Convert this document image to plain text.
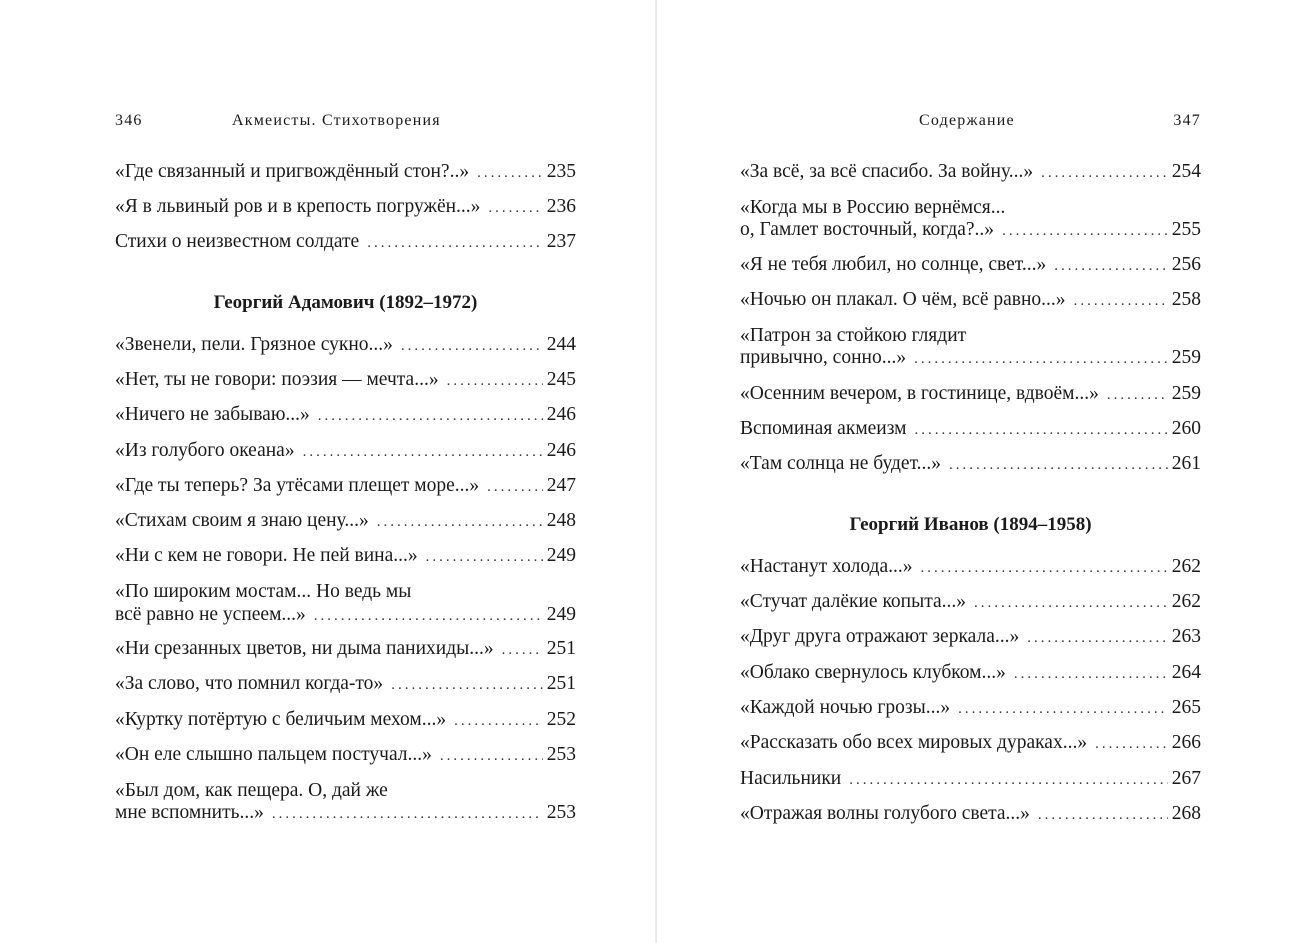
346	Акмеисты. Стихотворения
«Где связанный и пригвождённый стон?..» .....	235
«Я в львиный ров и в крепость погружён...» .....	236
Стихи о неизвестном солдате .....	237
Георгий Адамович (1892–1972)
«Звенели, пели. Грязное сукно...» .....	244
«Нет, ты не говори: поэзия — мечта...» .....	245
«Ничего не забываю...» .....	246
«Из голубого океана» .....	246
«Где ты теперь? За утёсами плещет море...» .....	247
«Стихам своим я знаю цену...» .....	248
«Ни с кем не говори. Не пей вина...» .....	249
«По широким мостам... Но ведь мы
всё равно не успеем...» .....	249
«Ни срезанных цветов, ни дыма панихиды...» .....	251
«За слово, что помнил когда-то» .....	251
«Куртку потёртую с беличьим мехом...» .....	252
«Он еле слышно пальцем постучал...» .....	253
«Был дом, как пещера. О, дай же
мне вспомнить...» .....	253
Содержание	347
«За всё, за всё спасибо. За войну...» .....	254
«Когда мы в Россию вернёмся...
о, Гамлет восточный, когда?..» .....	255
«Я не тебя любил, но солнце, свет...» .....	256
«Ночью он плакал. О чём, всё равно...» .....	258
«Патрон за стойкою глядит
привычно, сонно...» .....	259
«Осенним вечером, в гостинице, вдвоём...» .....	259
Вспоминая акмеизм .....	260
«Там солнца не будет...» .....	261
Георгий Иванов (1894–1958)
«Настанут холода...» .....	262
«Стучат далёкие копыта...» .....	262
«Друг друга отражают зеркала...» .....	263
«Облако свернулось клубком...» .....	264
«Каждой ночью грозы...» .....	265
«Рассказать обо всех мировых дураках...» .....	266
Насильники .....	267
«Отражая волны голубого света...» .....	268
